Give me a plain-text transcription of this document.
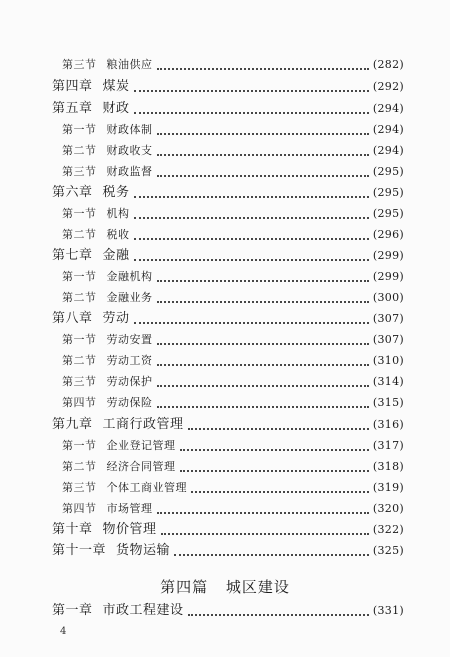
第三节 粮油供应	(282)
第四章 煤炭	(292)
第五章 财政	(294)
第一节 财政体制	(294)
第二节 财政收支	(294)
第三节 财政监督	(295)
第六章 税务	(295)
第一节 机构	(295)
第二节 税收	(296)
第七章 金融	(299)
第一节 金融机构	(299)
第二节 金融业务	(300)
第八章 劳动	(307)
第一节 劳动安置	(307)
第二节 劳动工资	(310)
第三节 劳动保护	(314)
第四节 劳动保险	(315)
第九章 工商行政管理	(316)
第一节 企业登记管理	(317)
第二节 经济合同管理	(318)
第三节 个体工商业管理	(319)
第四节 市场管理	(320)
第十章 物价管理	(322)
第十一章 货物运输	(325)
第四篇 城区建设
第一章 市政工程建设	(331)
4
